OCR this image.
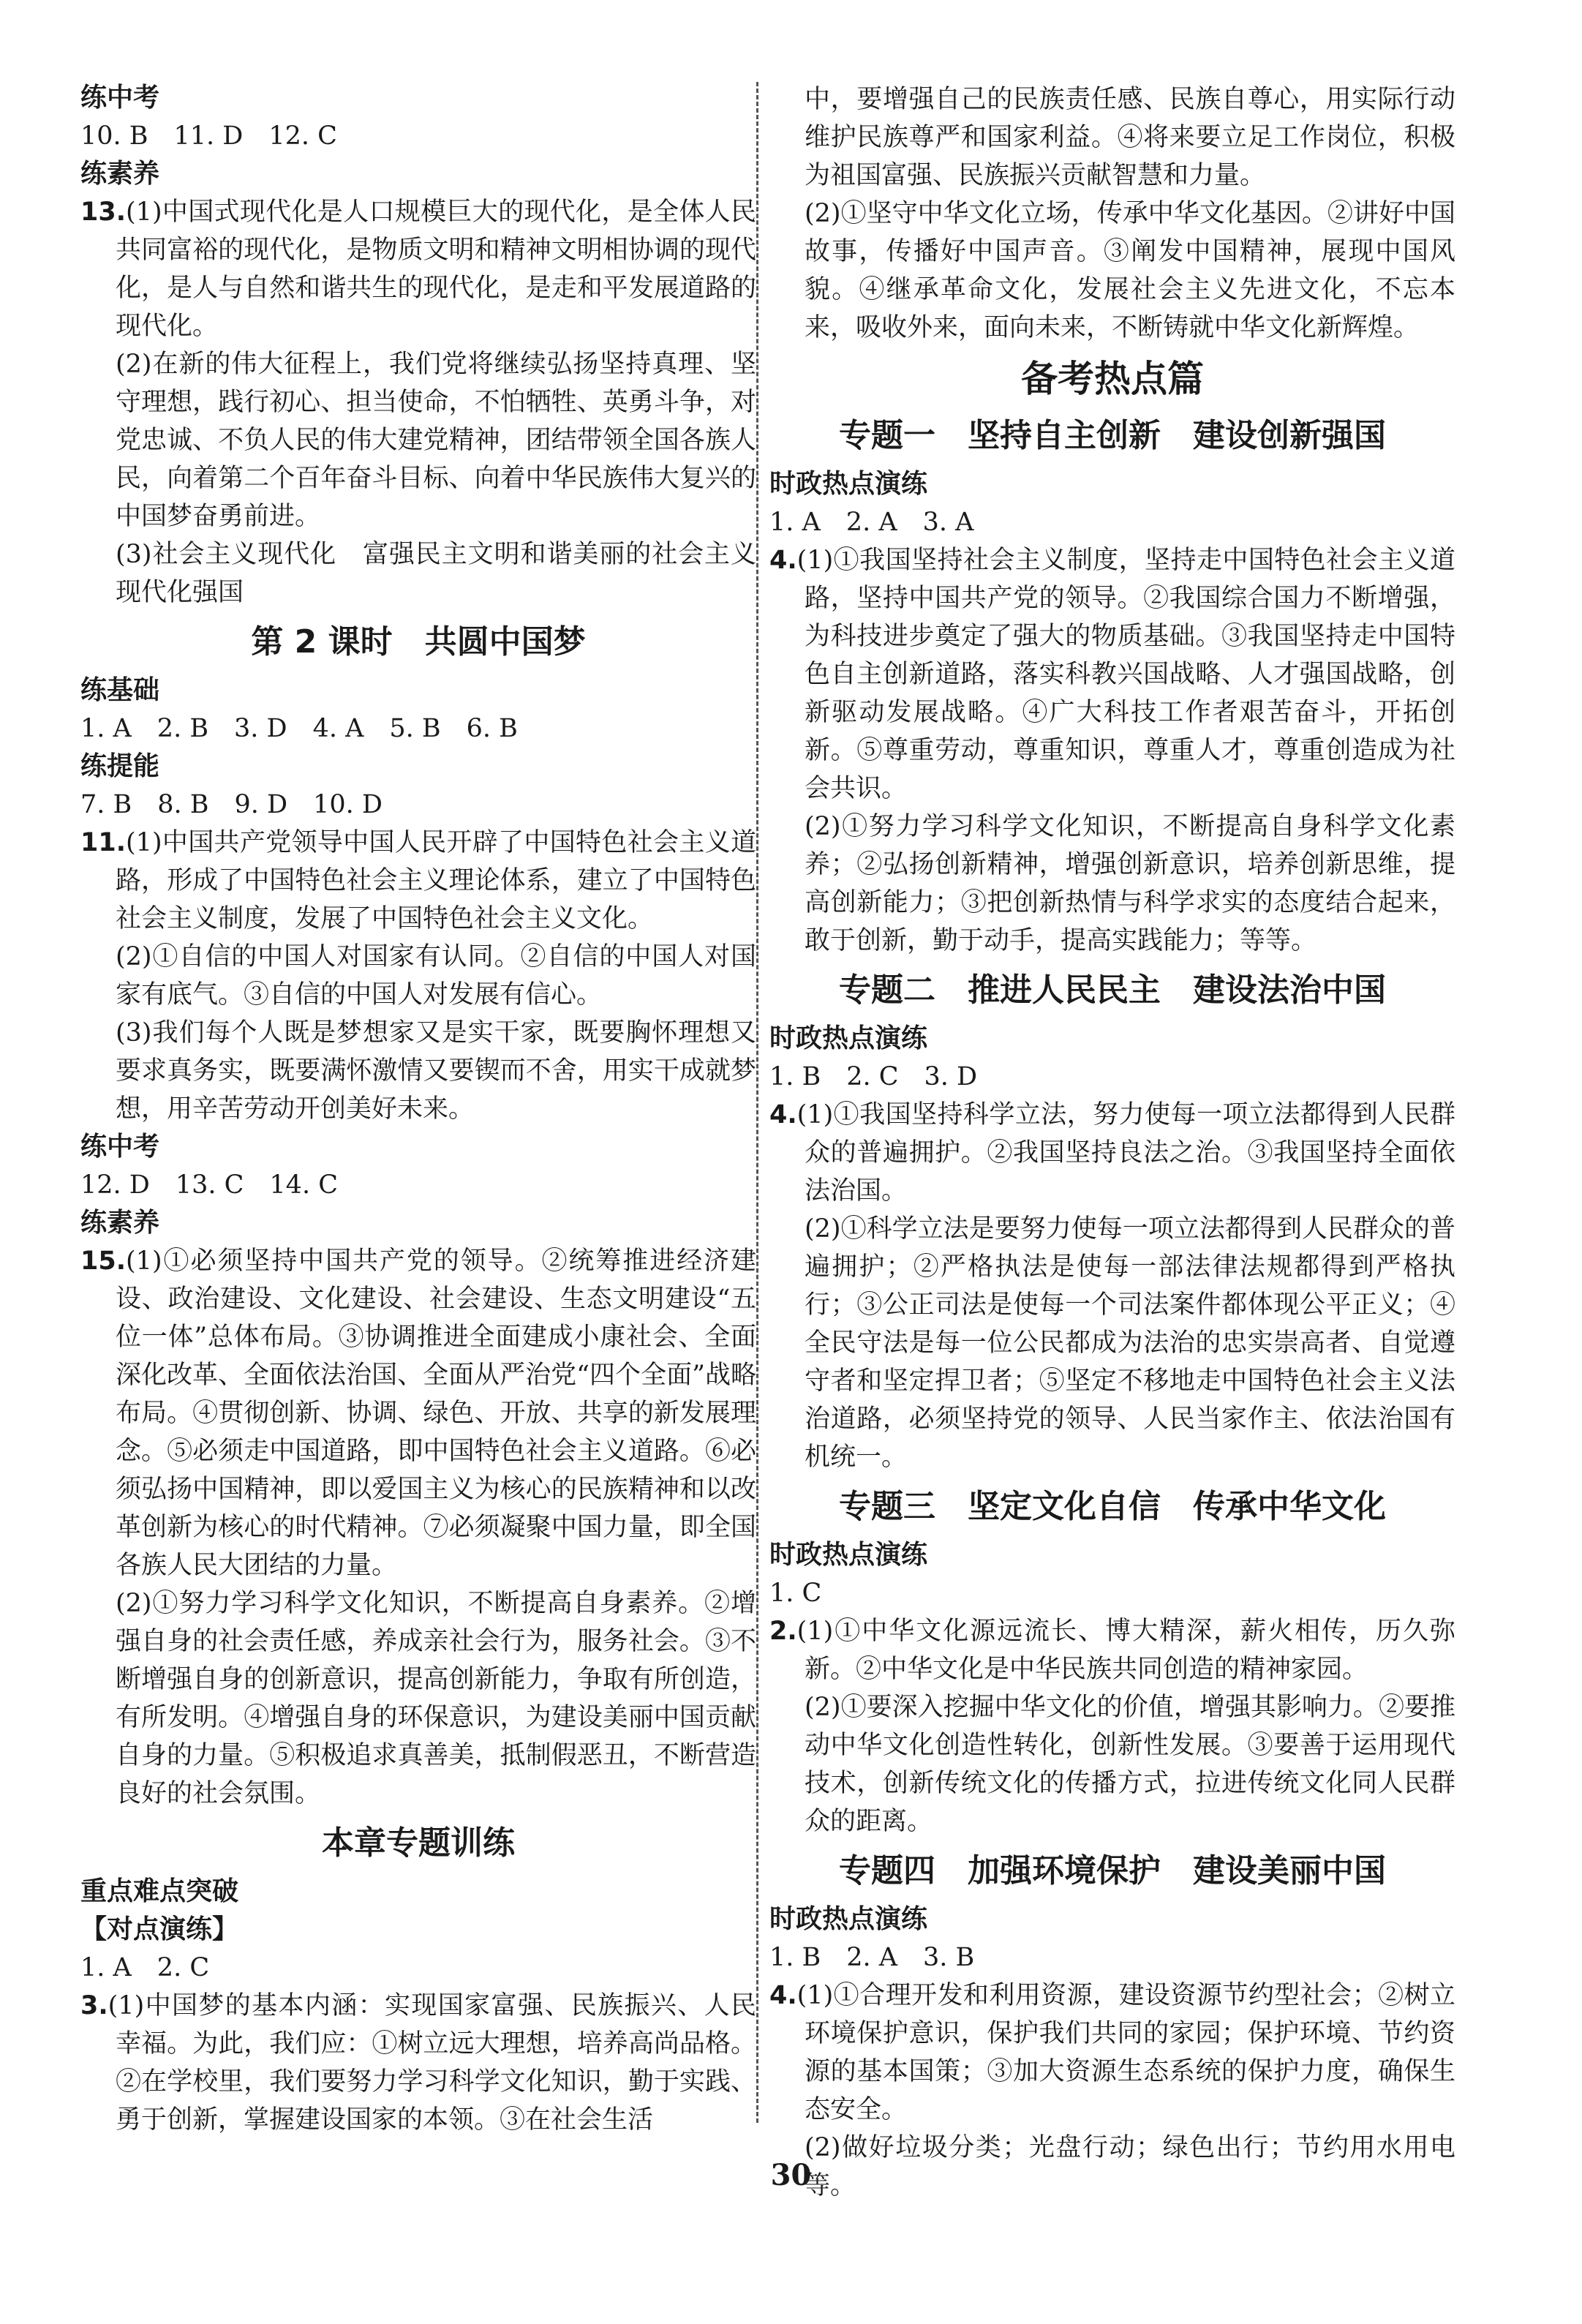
练中考
10. B　11. D　12. C
练素养
13.(1)中国式现代化是人口规模巨大的现代化，是全体人民共同富裕的现代化，是物质文明和精神文明相协调的现代化，是人与自然和谐共生的现代化，是走和平发展道路的现代化。
(2)在新的伟大征程上，我们党将继续弘扬坚持真理、坚守理想，践行初心、担当使命，不怕牺牲、英勇斗争，对党忠诚、不负人民的伟大建党精神，团结带领全国各族人民，向着第二个百年奋斗目标、向着中华民族伟大复兴的中国梦奋勇前进。
(3)社会主义现代化　富强民主文明和谐美丽的社会主义现代化强国
第 2 课时　共圆中国梦
练基础
1. A　2. B　3. D　4. A　5. B　6. B
练提能
7. B　8. B　9. D　10. D
11.(1)中国共产党领导中国人民开辟了中国特色社会主义道路，形成了中国特色社会主义理论体系，建立了中国特色社会主义制度，发展了中国特色社会主义文化。
(2)①自信的中国人对国家有认同。②自信的中国人对国家有底气。③自信的中国人对发展有信心。
(3)我们每个人既是梦想家又是实干家，既要胸怀理想又要求真务实，既要满怀激情又要锲而不舍，用实干成就梦想，用辛苦劳动开创美好未来。
练中考
12. D　13. C　14. C
练素养
15.(1)①必须坚持中国共产党的领导。②统筹推进经济建设、政治建设、文化建设、社会建设、生态文明建设“五位一体”总体布局。③协调推进全面建成小康社会、全面深化改革、全面依法治国、全面从严治党“四个全面”战略布局。④贯彻创新、协调、绿色、开放、共享的新发展理念。⑤必须走中国道路，即中国特色社会主义道路。⑥必须弘扬中国精神，即以爱国主义为核心的民族精神和以改革创新为核心的时代精神。⑦必须凝聚中国力量，即全国各族人民大团结的力量。
(2)①努力学习科学文化知识，不断提高自身素养。②增强自身的社会责任感，养成亲社会行为，服务社会。③不断增强自身的创新意识，提高创新能力，争取有所创造，有所发明。④增强自身的环保意识，为建设美丽中国贡献自身的力量。⑤积极追求真善美，抵制假恶丑，不断营造良好的社会氛围。
本章专题训练
重点难点突破
【对点演练】
1. A　2. C
3.(1)中国梦的基本内涵：实现国家富强、民族振兴、人民幸福。为此，我们应：①树立远大理想，培养高尚品格。②在学校里，我们要努力学习科学文化知识，勤于实践、勇于创新，掌握建设国家的本领。③在社会生活
中，要增强自己的民族责任感、民族自尊心，用实际行动维护民族尊严和国家利益。④将来要立足工作岗位，积极为祖国富强、民族振兴贡献智慧和力量。
(2)①坚守中华文化立场，传承中华文化基因。②讲好中国故事，传播好中国声音。③阐发中国精神，展现中国风貌。④继承革命文化，发展社会主义先进文化，不忘本来，吸收外来，面向未来，不断铸就中华文化新辉煌。
备考热点篇
专题一　坚持自主创新　建设创新强国
时政热点演练
1. A　2. A　3. A
4.(1)①我国坚持社会主义制度，坚持走中国特色社会主义道路，坚持中国共产党的领导。②我国综合国力不断增强，为科技进步奠定了强大的物质基础。③我国坚持走中国特色自主创新道路，落实科教兴国战略、人才强国战略，创新驱动发展战略。④广大科技工作者艰苦奋斗，开拓创新。⑤尊重劳动，尊重知识，尊重人才，尊重创造成为社会共识。
(2)①努力学习科学文化知识，不断提高自身科学文化素养；②弘扬创新精神，增强创新意识，培养创新思维，提高创新能力；③把创新热情与科学求实的态度结合起来，敢于创新，勤于动手，提高实践能力；等等。
专题二　推进人民民主　建设法治中国
时政热点演练
1. B　2. C　3. D
4.(1)①我国坚持科学立法，努力使每一项立法都得到人民群众的普遍拥护。②我国坚持良法之治。③我国坚持全面依法治国。
(2)①科学立法是要努力使每一项立法都得到人民群众的普遍拥护；②严格执法是使每一部法律法规都得到严格执行；③公正司法是使每一个司法案件都体现公平正义；④全民守法是每一位公民都成为法治的忠实崇高者、自觉遵守者和坚定捍卫者；⑤坚定不移地走中国特色社会主义法治道路，必须坚持党的领导、人民当家作主、依法治国有机统一。
专题三　坚定文化自信　传承中华文化
时政热点演练
1. C
2.(1)①中华文化源远流长、博大精深，薪火相传，历久弥新。②中华文化是中华民族共同创造的精神家园。
(2)①要深入挖掘中华文化的价值，增强其影响力。②要推动中华文化创造性转化，创新性发展。③要善于运用现代技术，创新传统文化的传播方式，拉进传统文化同人民群众的距离。
专题四　加强环境保护　建设美丽中国
时政热点演练
1. B　2. A　3. B
4.(1)①合理开发和利用资源，建设资源节约型社会；②树立环境保护意识，保护我们共同的家园；保护环境、节约资源的基本国策；③加大资源生态系统的保护力度，确保生态安全。
(2)做好垃圾分类；光盘行动；绿色出行；节约用水用电等。
30
